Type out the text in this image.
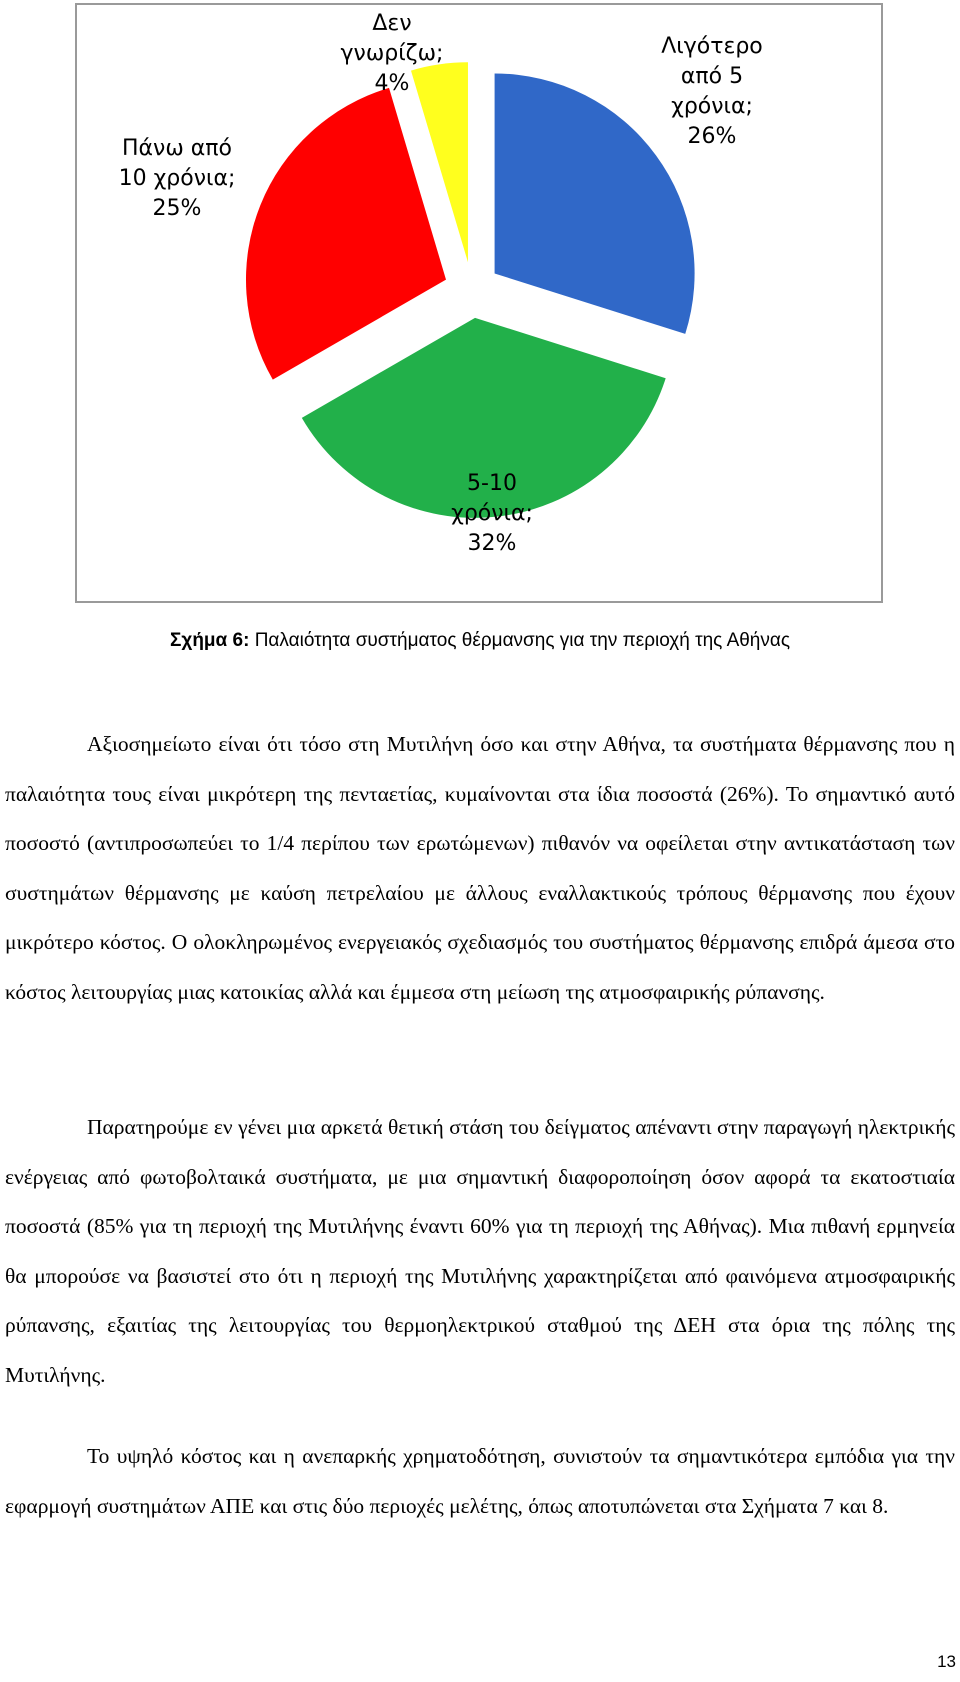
Λιγότερο από 5 χρόνια; 26%
5-10 χρόνια; 32%
Πάνω από 10 χρόνια; 25%
Δεν γνωρίζω; 4%
Σχήμα 6: Παλαιότητα συστήματος θέρμανσης για την περιοχή της Αθήνας

Αξιοσημείωτο είναι ότι τόσο στη Μυτιλήνη όσο και στην Αθήνα, τα συστήματα θέρμανσης που η παλαιότητα τους είναι μικρότερη της πενταετίας, κυμαίνονται στα ίδια ποσοστά (26%). Το σημαντικό αυτό ποσοστό (αντιπροσωπεύει το 1/4 περίπου των ερωτώμενων) πιθανόν να οφείλεται στην αντικατάσταση των συστημάτων θέρμανσης με καύση πετρελαίου με άλλους εναλλακτικούς τρόπους θέρμανσης που έχουν μικρότερο κόστος. Ο ολοκληρωμένος ενεργειακός σχεδιασμός του συστήματος θέρμανσης επιδρά άμεσα στο κόστος λειτουργίας μιας κατοικίας αλλά και έμμεσα στη μείωση της ατμοσφαιρικής ρύπανσης.

Παρατηρούμε εν γένει μια αρκετά θετική στάση του δείγματος απέναντι στην παραγωγή ηλεκτρικής ενέργειας από φωτοβολταικά συστήματα, με μια σημαντική διαφοροποίηση όσον αφορά τα εκατοστιαία ποσοστά (85% για τη περιοχή της Μυτιλήνης έναντι 60% για τη περιοχή της Αθήνας). Μια πιθανή ερμηνεία θα μπορούσε να βασιστεί στο ότι η περιοχή της Μυτιλήνης χαρακτηρίζεται από φαινόμενα ατμοσφαιρικής ρύπανσης, εξαιτίας της λειτουργίας του θερμοηλεκτρικού σταθμού της ΔΕΗ στα όρια της πόλης της Μυτιλήνης.

Το υψηλό κόστος και η ανεπαρκής χρηματοδότηση, συνιστούν τα σημαντικότερα εμπόδια για την εφαρμογή συστημάτων ΑΠΕ και στις δύο περιοχές μελέτης, όπως αποτυπώνεται στα Σχήματα 7 και 8.

13
